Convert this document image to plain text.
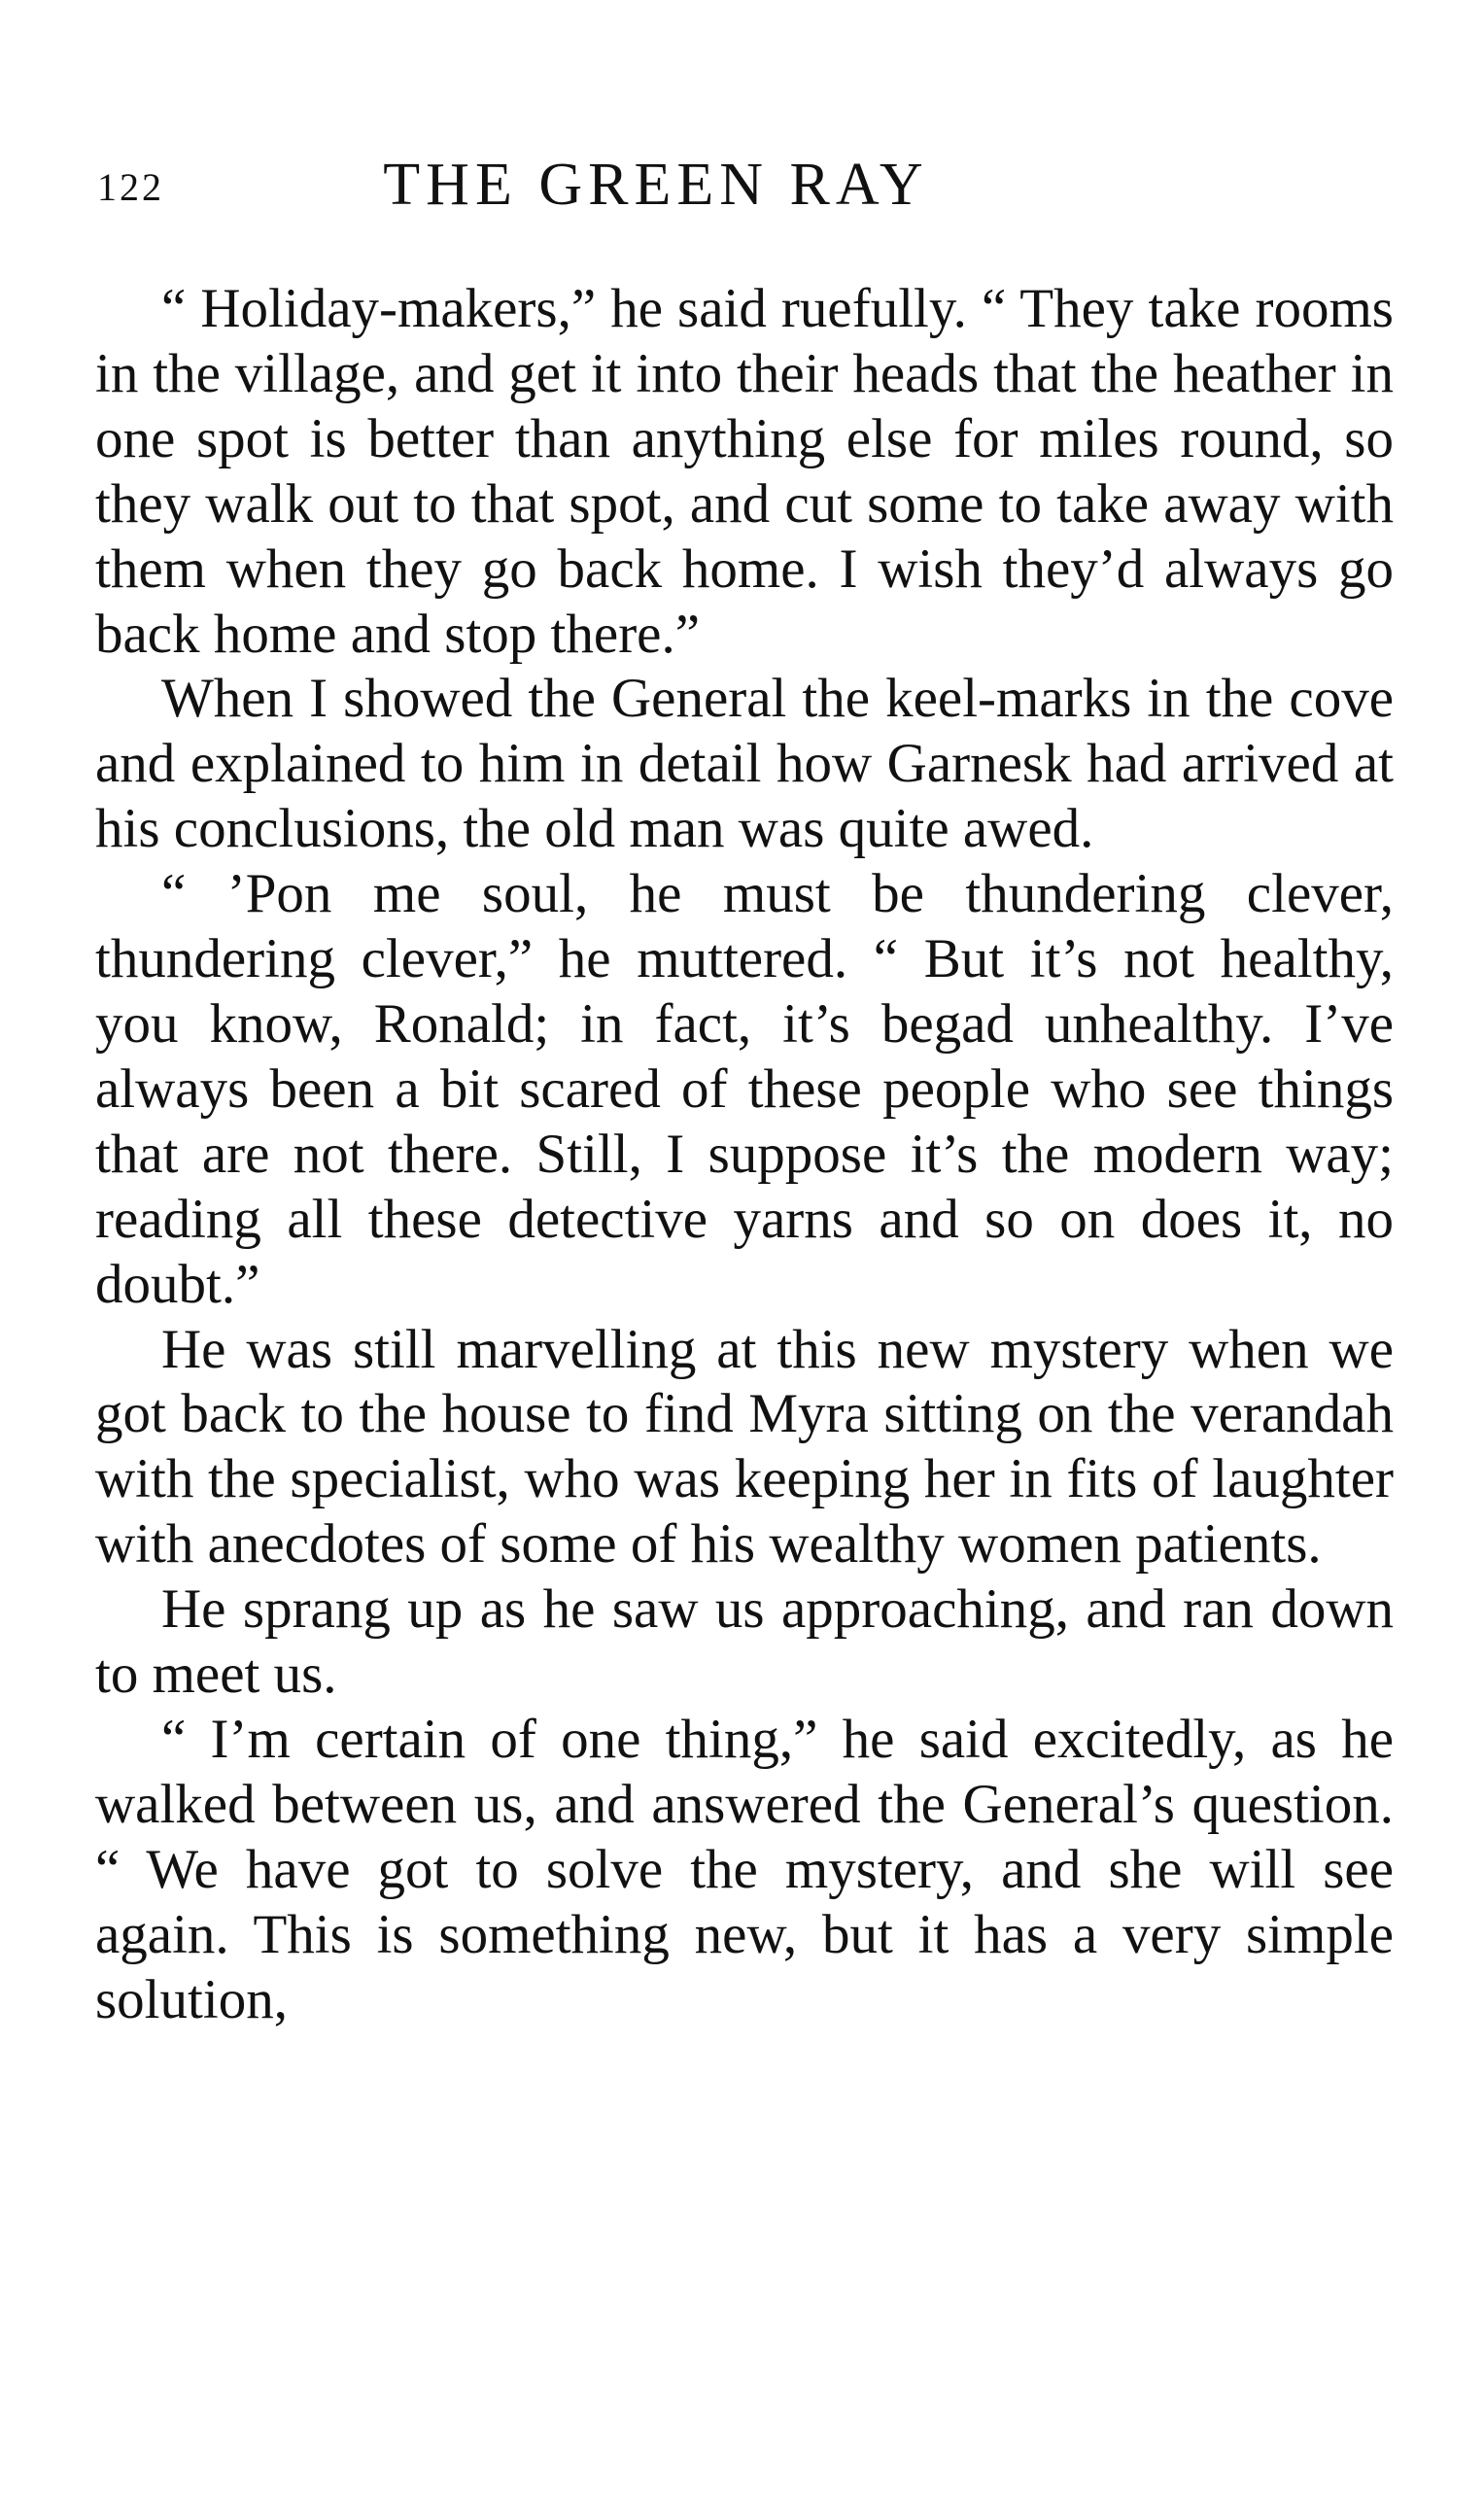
122	THE GREEN RAY

“ Holiday-makers,” he said ruefully. “ They take rooms in the village, and get it into their heads that the heather in one spot is better than anything else for miles round, so they walk out to that spot, and cut some to take away with them when they go back home. I wish they’d always go back home and stop there.”

When I showed the General the keel-marks in the cove and explained to him in detail how Garnesk had arrived at his conclusions, the old man was quite awed.

“ ’Pon me soul, he must be thundering clever, thundering clever,” he muttered. “ But it’s not healthy, you know, Ronald; in fact, it’s begad unhealthy. I’ve always been a bit scared of these people who see things that are not there. Still, I suppose it’s the modern way; reading all these detective yarns and so on does it, no doubt.”

He was still marvelling at this new mystery when we got back to the house to find Myra sitting on the verandah with the specialist, who was keeping her in fits of laughter with anecdotes of some of his wealthy women patients.

He sprang up as he saw us approaching, and ran down to meet us.

“ I’m certain of one thing,” he said excitedly, as he walked between us, and answered the General’s question. “ We have got to solve the mystery, and she will see again. This is something new, but it has a very simple solution,
